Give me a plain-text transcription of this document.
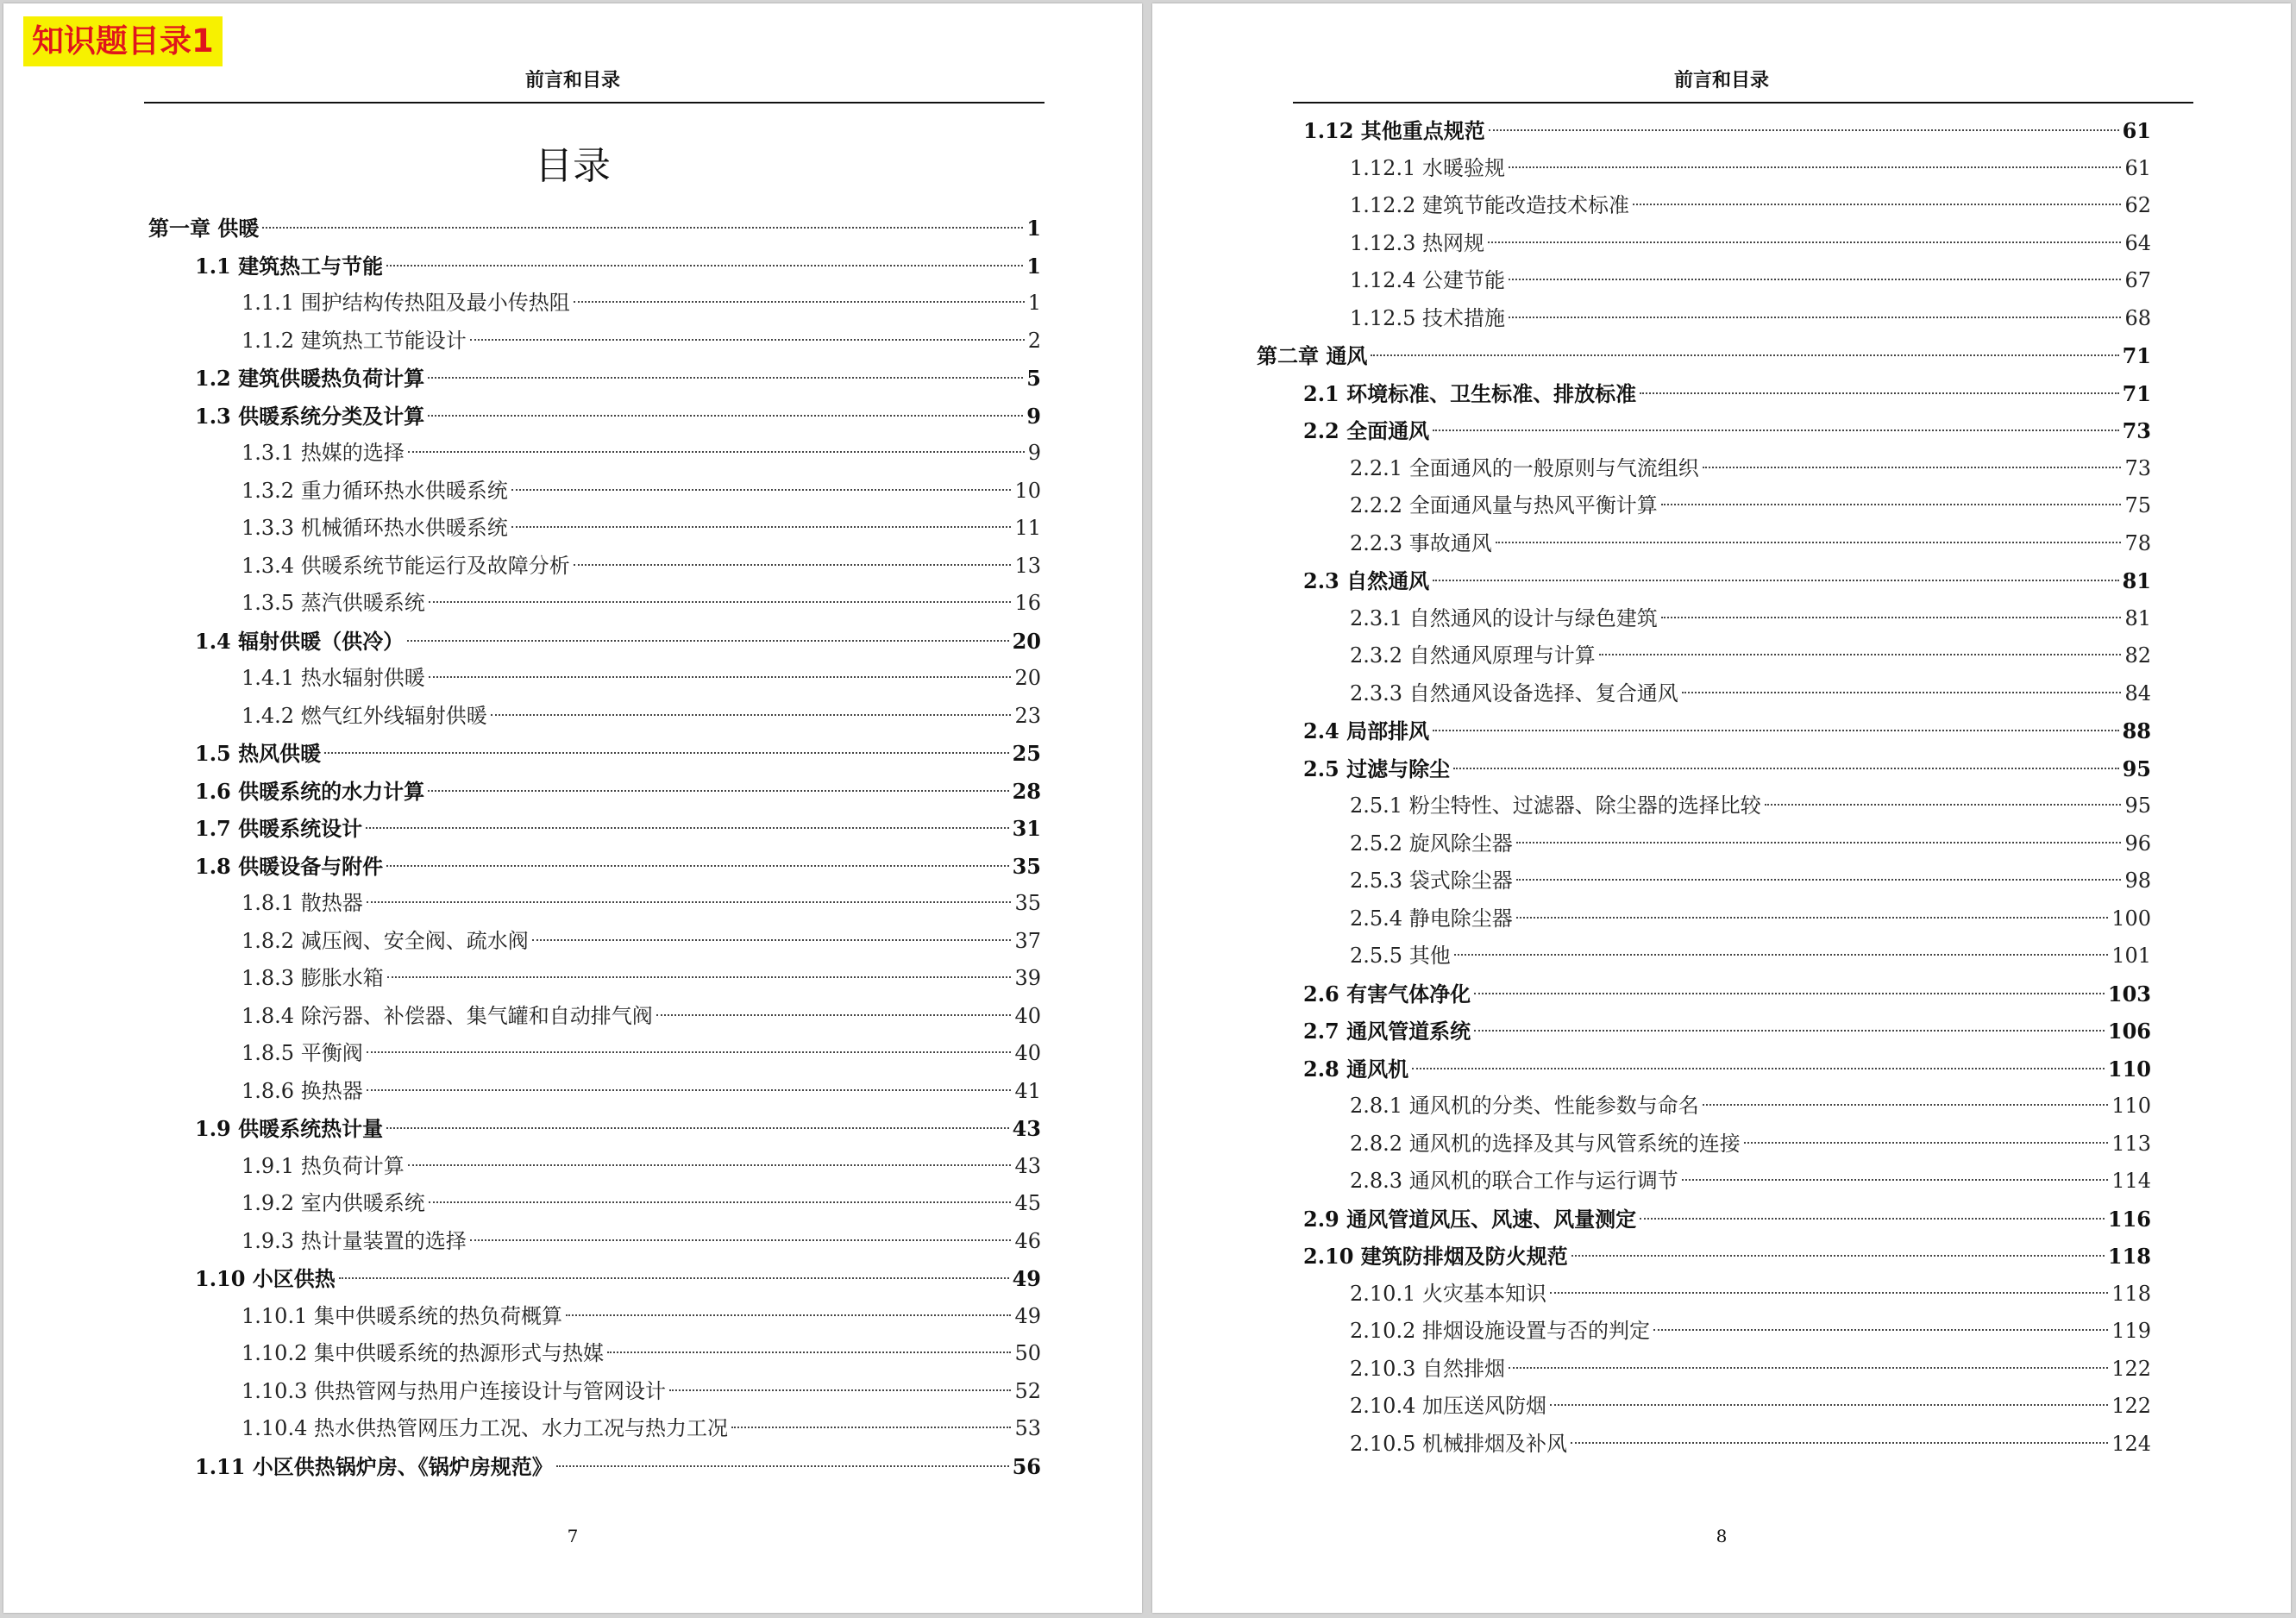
知识题目录1
前言和目录
目录
第一章 供暖	1
1.1 建筑热工与节能	1
1.1.1 围护结构传热阻及最小传热阻	1
1.1.2 建筑热工节能设计	2
1.2 建筑供暖热负荷计算	5
1.3 供暖系统分类及计算	9
1.3.1 热媒的选择	9
1.3.2 重力循环热水供暖系统	10
1.3.3 机械循环热水供暖系统	11
1.3.4 供暖系统节能运行及故障分析	13
1.3.5 蒸汽供暖系统	16
1.4 辐射供暖（供冷）	20
1.4.1 热水辐射供暖	20
1.4.2 燃气红外线辐射供暖	23
1.5 热风供暖	25
1.6 供暖系统的水力计算	28
1.7 供暖系统设计	31
1.8 供暖设备与附件	35
1.8.1 散热器	35
1.8.2 减压阀、安全阀、疏水阀	37
1.8.3 膨胀水箱	39
1.8.4 除污器、补偿器、集气罐和自动排气阀	40
1.8.5 平衡阀	40
1.8.6 换热器	41
1.9 供暖系统热计量	43
1.9.1 热负荷计算	43
1.9.2 室内供暖系统	45
1.9.3 热计量装置的选择	46
1.10 小区供热	49
1.10.1 集中供暖系统的热负荷概算	49
1.10.2 集中供暖系统的热源形式与热媒	50
1.10.3 供热管网与热用户连接设计与管网设计	52
1.10.4 热水供热管网压力工况、水力工况与热力工况	53
1.11 小区供热锅炉房、《锅炉房规范》	56
7
前言和目录
1.12 其他重点规范	61
1.12.1 水暖验规	61
1.12.2 建筑节能改造技术标准	62
1.12.3 热网规	64
1.12.4 公建节能	67
1.12.5 技术措施	68
第二章 通风	71
2.1 环境标准、卫生标准、排放标准	71
2.2 全面通风	73
2.2.1 全面通风的一般原则与气流组织	73
2.2.2 全面通风量与热风平衡计算	75
2.2.3 事故通风	78
2.3 自然通风	81
2.3.1 自然通风的设计与绿色建筑	81
2.3.2 自然通风原理与计算	82
2.3.3 自然通风设备选择、复合通风	84
2.4 局部排风	88
2.5 过滤与除尘	95
2.5.1 粉尘特性、过滤器、除尘器的选择比较	95
2.5.2 旋风除尘器	96
2.5.3 袋式除尘器	98
2.5.4 静电除尘器	100
2.5.5 其他	101
2.6 有害气体净化	103
2.7 通风管道系统	106
2.8 通风机	110
2.8.1 通风机的分类、性能参数与命名	110
2.8.2 通风机的选择及其与风管系统的连接	113
2.8.3 通风机的联合工作与运行调节	114
2.9 通风管道风压、风速、风量测定	116
2.10 建筑防排烟及防火规范	118
2.10.1 火灾基本知识	118
2.10.2 排烟设施设置与否的判定	119
2.10.3 自然排烟	122
2.10.4 加压送风防烟	122
2.10.5 机械排烟及补风	124
8
